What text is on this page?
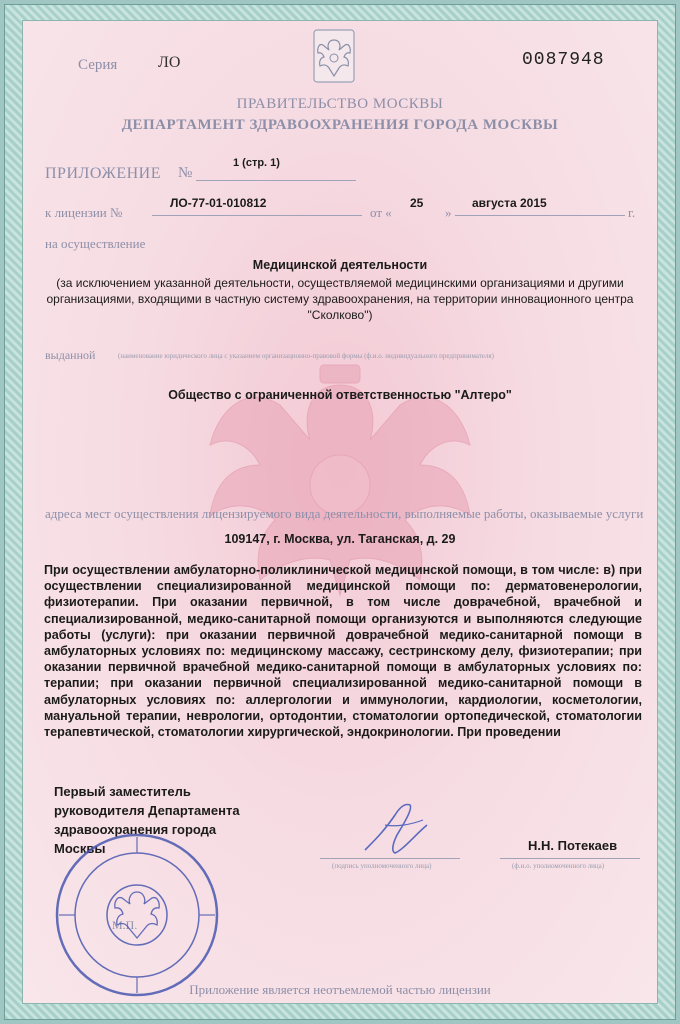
Серия	ЛО	0087948
ПРАВИТЕЛЬСТВО МОСКВЫ
ДЕПАРТАМЕНТ ЗДРАВООХРАНЕНИЯ ГОРОДА МОСКВЫ
ПРИЛОЖЕНИЕ №
1 (стр. 1)
к лицензии №
ЛО-77-01-010812
от «
25
»
августа 2015
г.
на осуществление
Медицинской деятельности
(за исключением указанной деятельности, осуществляемой медицинскими организациями и другими организациями, входящими в частную систему здравоохранения, на территории инновационного центра "Сколково")
выданной	(наименование юридического лица с указанием организационно-правовой формы (ф.и.о. индивидуального предпринимателя)
Общество с ограниченной ответственностью "Алтеро"
адреса мест осуществления лицензируемого вида деятельности, выполняемые работы, оказываемые услуги
109147, г. Москва, ул. Таганская, д. 29
При осуществлении амбулаторно-поликлинической медицинской помощи, в том числе: в) при осуществлении специализированной медицинской помощи по: дерматовенерологии, физиотерапии. При оказании первичной, в том числе доврачебной, врачебной и специализированной, медико-санитарной помощи организуются и выполняются следующие работы (услуги): при оказании первичной доврачебной медико-санитарной помощи в амбулаторных условиях по: медицинскому массажу, сестринскому делу, физиотерапии; при оказании первичной врачебной медико-санитарной помощи в амбулаторных условиях по: терапии; при оказании первичной специализированной медико-санитарной помощи в амбулаторных условиях по: аллергологии и иммунологии, кардиологии, косметологии, мануальной терапии, неврологии, ортодонтии, стоматологии ортопедической, стоматологии терапевтической, стоматологии хирургической, эндокринологии. При проведении
Первый заместитель
руководителя Департамента
здравоохранения города
Москвы
(подпись уполномоченного лица)
Н.Н. Потекаев
(ф.и.о. уполномоченного лица)
М.П.
Приложение является неотъемлемой частью лицензии
